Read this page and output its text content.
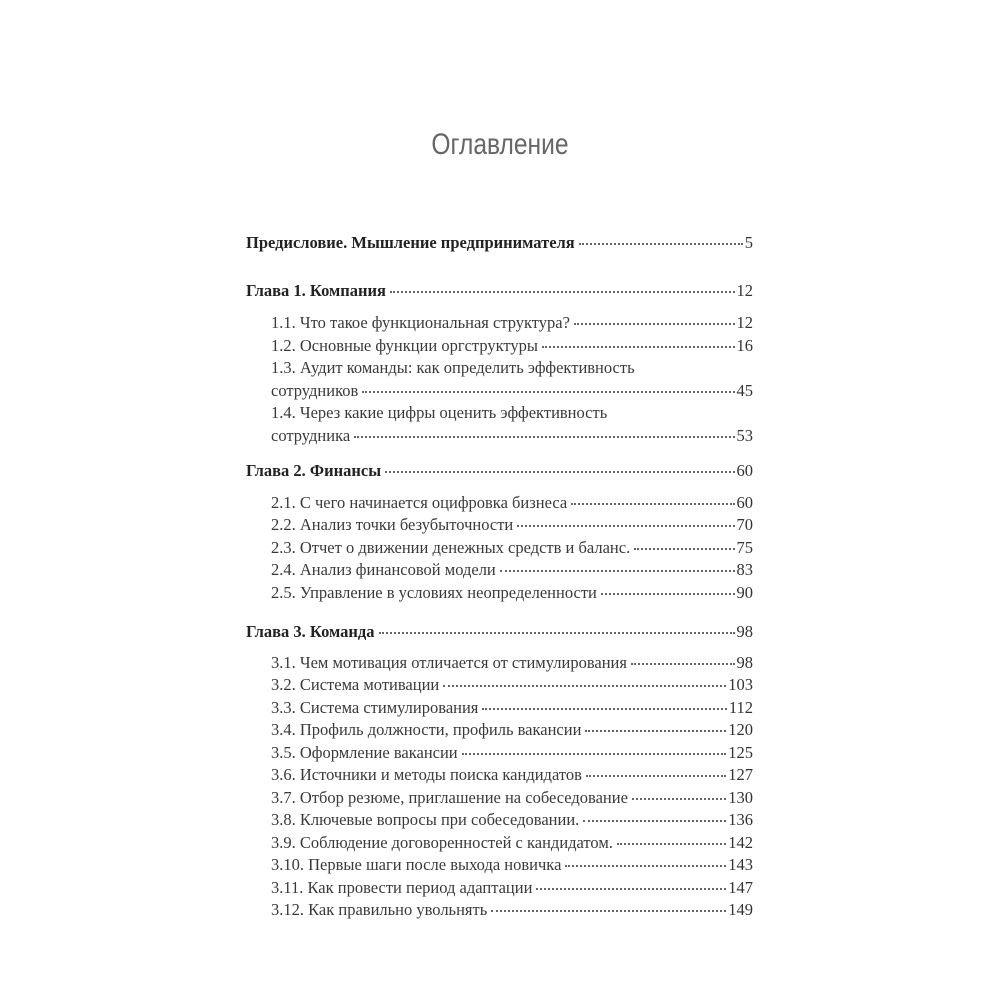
Оглавление
Предисловие. Мышление предпринимателя	5
Глава 1. Компания	12
1.1. Что такое функциональная структура?	12
1.2. Основные функции оргструктуры	16
1.3. Аудит команды: как определить эффективность
сотрудников	45
1.4. Через какие цифры оценить эффективность
сотрудника	53
Глава 2. Финансы	60
2.1. С чего начинается оцифровка бизнеса	60
2.2. Анализ точки безубыточности	70
2.3. Отчет о движении денежных средств и баланс.	75
2.4. Анализ финансовой модели	83
2.5. Управление в условиях неопределенности	90
Глава 3. Команда	98
3.1. Чем мотивация отличается от стимулирования	98
3.2. Система мотивации	103
3.3. Система стимулирования	112
3.4. Профиль должности, профиль вакансии	120
3.5. Оформление вакансии	125
3.6. Источники и методы поиска кандидатов	127
3.7. Отбор резюме, приглашение на собеседование	130
3.8. Ключевые вопросы при собеседовании.	136
3.9. Соблюдение договоренностей с кандидатом.	142
3.10. Первые шаги после выхода новичка	143
3.11. Как провести период адаптации	147
3.12. Как правильно увольнять	149
